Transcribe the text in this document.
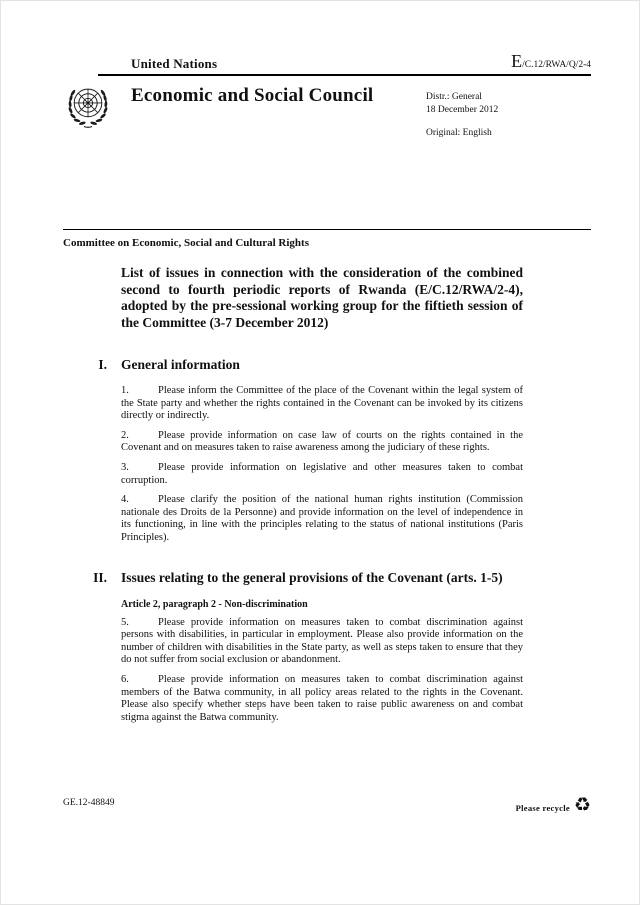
United Nations	E/C.12/RWA/Q/2-4
Economic and Social Council	Distr.: General
18 December 2012
Original: English
Committee on Economic, Social and Cultural Rights

List of issues in connection with the consideration of the combined second to fourth periodic reports of Rwanda (E/C.12/RWA/2-4), adopted by the pre-sessional working group for the fiftieth session of the Committee (3-7 December 2012)

I. General information

1.	Please inform the Committee of the place of the Covenant within the legal system of the State party and whether the rights contained in the Covenant can be invoked by its citizens directly or indirectly.

2.	Please provide information on case law of courts on the rights contained in the Covenant and on measures taken to raise awareness among the judiciary of these rights.

3.	Please provide information on legislative and other measures taken to combat corruption.

4.	Please clarify the position of the national human rights institution (Commission nationale des Droits de la Personne) and provide information on the level of independence in its functioning, in line with the principles relating to the status of national institutions (Paris Principles).

II. Issues relating to the general provisions of the Covenant (arts. 1-5)
Article 2, paragraph 2 - Non-discrimination

5.	Please provide information on measures taken to combat discrimination against persons with disabilities, in particular in employment. Please also provide information on the number of children with disabilities in the State party, as well as steps taken to ensure that they do not suffer from social exclusion or abandonment.

6.	Please provide information on measures taken to combat discrimination against members of the Batwa community, in all policy areas related to the rights in the Covenant. Please also specify whether steps have been taken to raise public awareness on and combat stigma against the Batwa community.

GE.12-48849	Please recycle ♻
